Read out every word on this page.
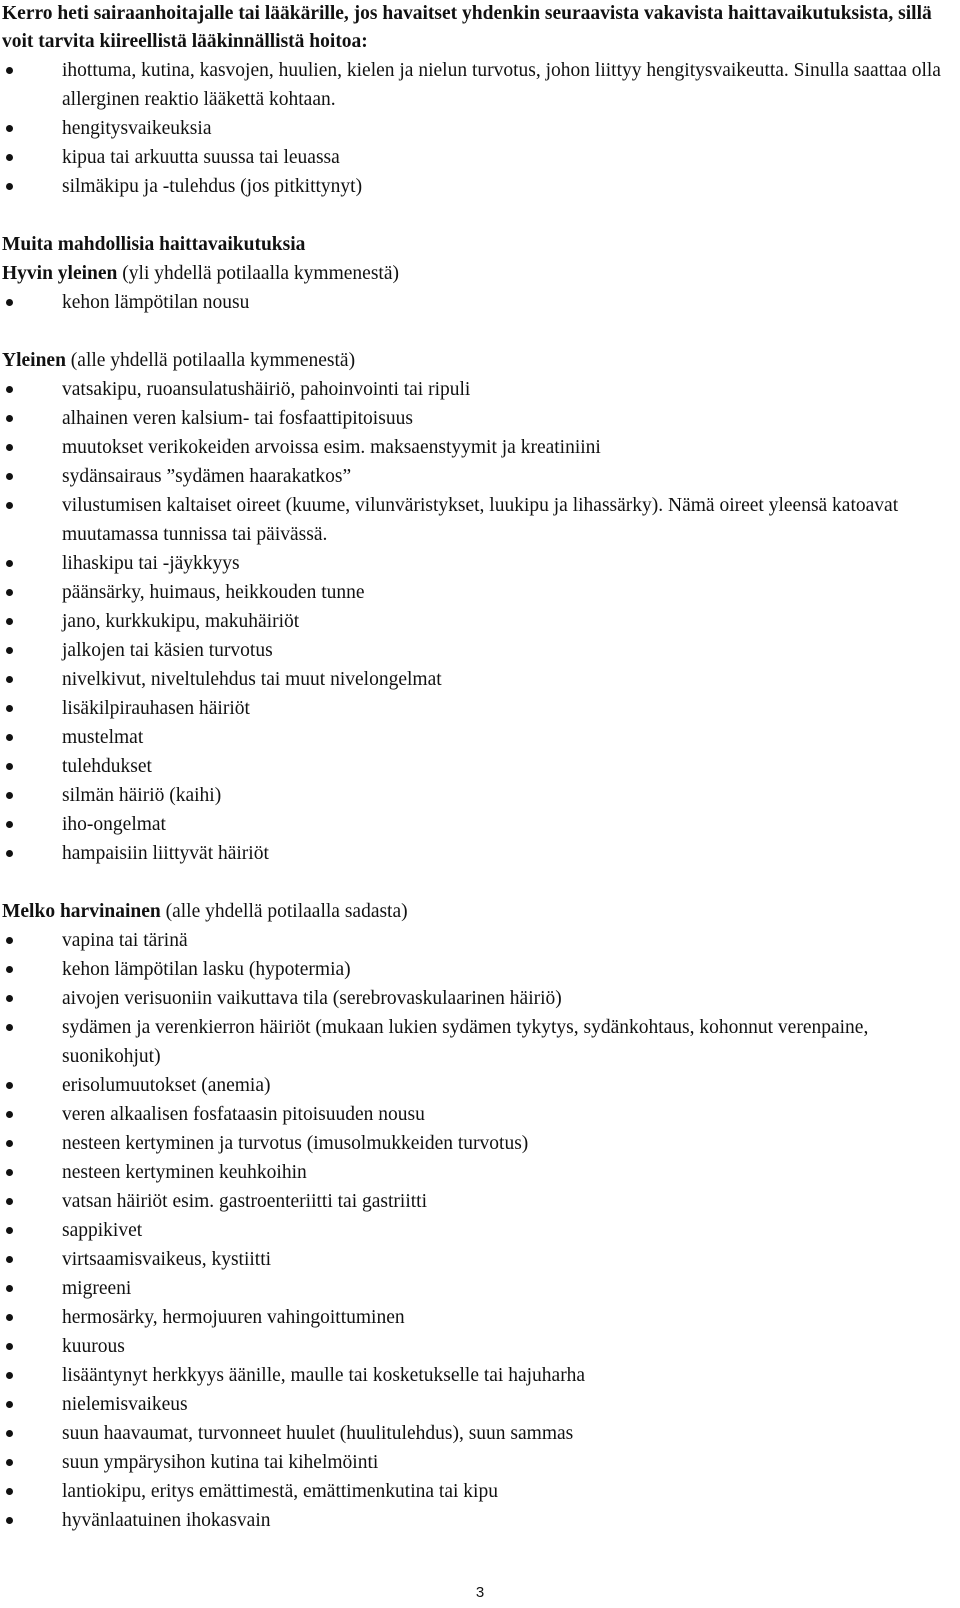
Kerro heti sairaanhoitajalle tai lääkärille, jos havaitset yhdenkin seuraavista vakavista haittavaikutuksista, sillä voit tarvita kiireellistä lääkinnällistä hoitoa:

ihottuma, kutina, kasvojen, huulien, kielen ja nielun turvotus, johon liittyy hengitysvaikeutta. Sinulla saattaa olla allerginen reaktio lääkettä kohtaan.
hengitysvaikeuksia
kipua tai arkuutta suussa tai leuassa
silmäkipu ja -tulehdus (jos pitkittynyt)

Muita mahdollisia haittavaikutuksia

Hyvin yleinen (yli yhdellä potilaalla kymmenestä)

kehon lämpötilan nousu

Yleinen (alle yhdellä potilaalla kymmenestä)

vatsakipu, ruoansulatushäiriö, pahoinvointi tai ripuli
alhainen veren kalsium- tai fosfaattipitoisuus
muutokset verikokeiden arvoissa esim. maksaenstyymit ja kreatiniini
sydänsairaus ”sydämen haarakatkos”
vilustumisen kaltaiset oireet (kuume, vilunväristykset, luukipu ja lihassärky). Nämä oireet yleensä katoavat muutamassa tunnissa tai päivässä.
lihaskipu tai -jäykkyys
päänsärky, huimaus, heikkouden tunne
jano, kurkkukipu, makuhäiriöt
jalkojen tai käsien turvotus
nivelkivut, niveltulehdus tai muut nivelongelmat
lisäkilpirauhasen häiriöt
mustelmat
tulehdukset
silmän häiriö (kaihi)
iho-ongelmat
hampaisiin liittyvät häiriöt

Melko harvinainen (alle yhdellä potilaalla sadasta)

vapina tai tärinä
kehon lämpötilan lasku (hypotermia)
aivojen verisuoniin vaikuttava tila (serebrovaskulaarinen häiriö)
sydämen ja verenkierron häiriöt (mukaan lukien sydämen tykytys, sydänkohtaus, kohonnut verenpaine, suonikohjut)
erisolumuutokset (anemia)
veren alkaalisen fosfataasin pitoisuuden nousu
nesteen kertyminen ja turvotus (imusolmukkeiden turvotus)
nesteen kertyminen keuhkoihin
vatsan häiriöt esim. gastroenteriitti tai gastriitti
sappikivet
virtsaamisvaikeus, kystiitti
migreeni
hermosärky, hermojuuren vahingoittuminen
kuurous
lisääntynyt herkkyys äänille, maulle tai kosketukselle tai hajuharha
nielemisvaikeus
suun haavaumat, turvonneet huulet (huulitulehdus), suun sammas
suun ympärysihon kutina tai kihelmöinti
lantiokipu, eritys emättimestä, emättimenkutina tai kipu
hyvänlaatuinen ihokasvain
3
